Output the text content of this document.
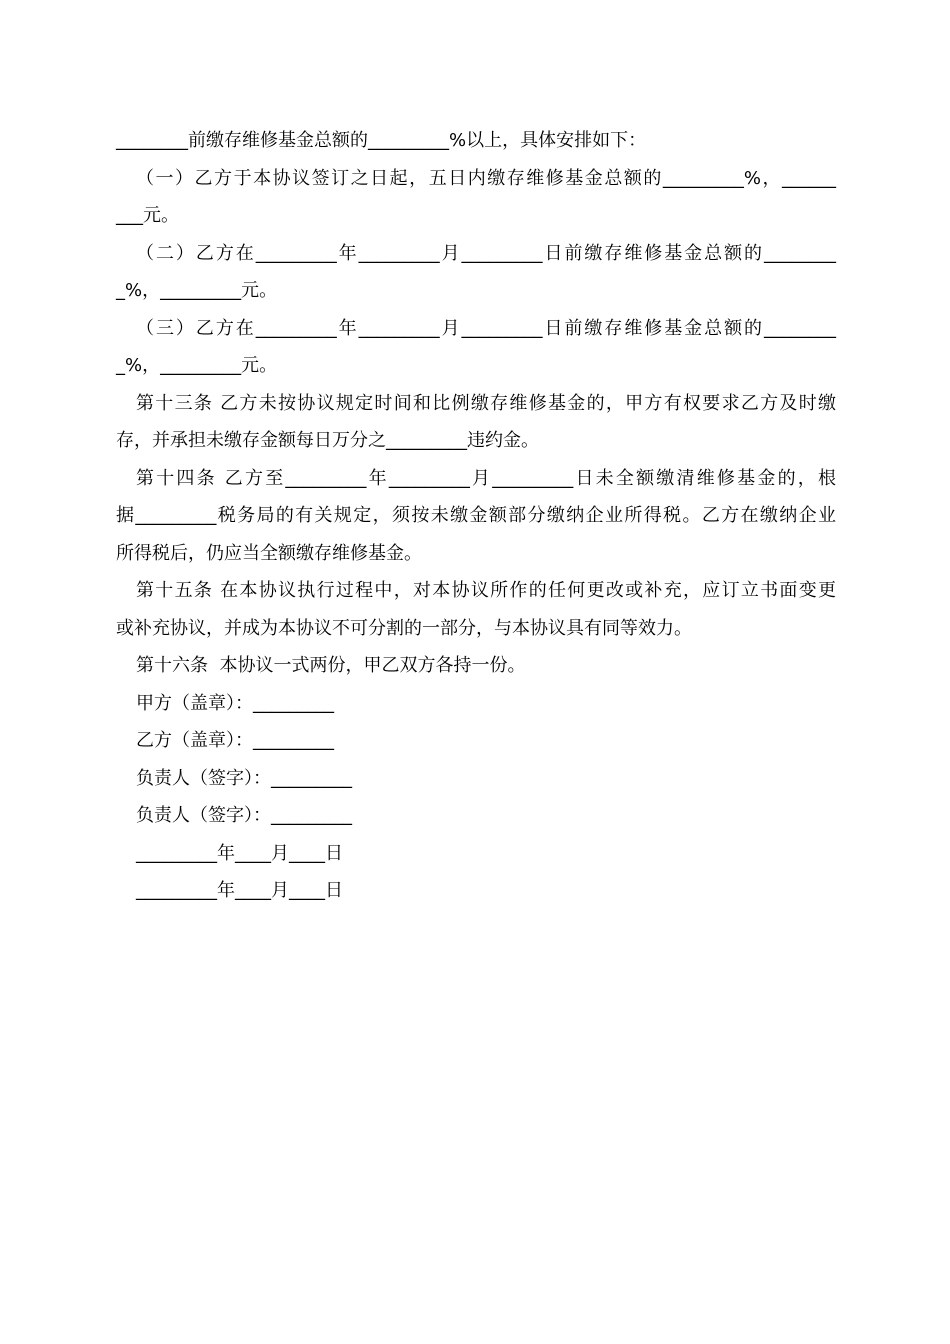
________前缴存维修基金总额的_________%以上，具体安排如下：

（一）乙方于本协议签订之日起，五日内缴存维修基金总额的_________%，______

___元。

（二）乙方在_________年_________月_________日前缴存维修基金总额的________

_%，_________元。

（三）乙方在_________年_________月_________日前缴存维修基金总额的________

_%，_________元。

第十三条 乙方未按协议规定时间和比例缴存维修基金的，甲方有权要求乙方及时缴

存，并承担未缴存金额每日万分之_________违约金。

第十四条 乙方至_________年_________月_________日未全额缴清维修基金的，根

据_________税务局的有关规定，须按未缴金额部分缴纳企业所得税。乙方在缴纳企业

所得税后，仍应当全额缴存维修基金。

第十五条 在本协议执行过程中，对本协议所作的任何更改或补充，应订立书面变更

或补充协议，并成为本协议不可分割的一部分，与本协议具有同等效力。

第十六条  本协议一式两份，甲乙双方各持一份。

甲方（盖章）：_________

乙方（盖章）：_________

负责人（签字）：_________

负责人（签字）：_________

_________年____月____日

_________年____月____日
